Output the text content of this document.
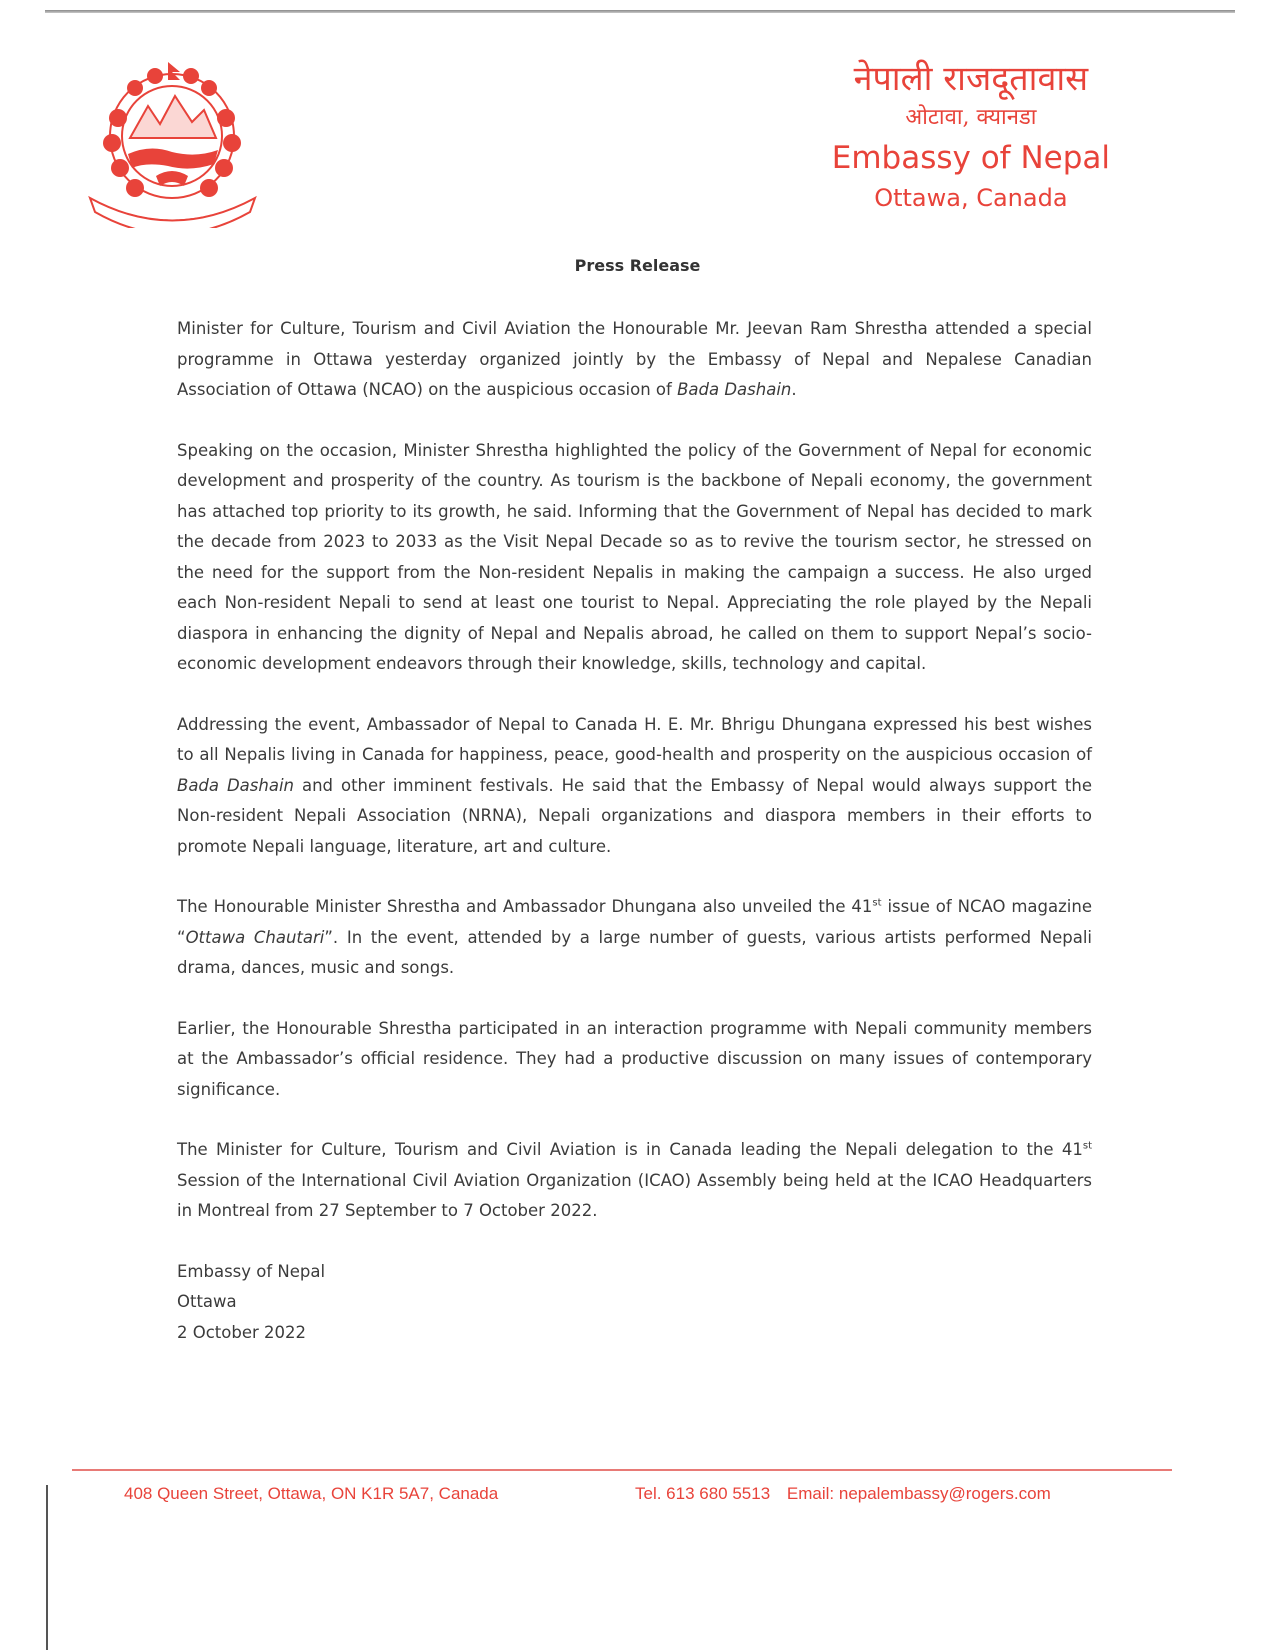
नेपाली राजदूतावास
ओटावा, क्यानडा
Embassy of Nepal
Ottawa, Canada
Press Release

Minister for Culture, Tourism and Civil Aviation the Honourable Mr. Jeevan Ram Shrestha attended a special programme in Ottawa yesterday organized jointly by the Embassy of Nepal and Nepalese Canadian Association of Ottawa (NCAO) on the auspicious occasion of Bada Dashain.

Speaking on the occasion, Minister Shrestha highlighted the policy of the Government of Nepal for economic development and prosperity of the country. As tourism is the backbone of Nepali economy, the government has attached top priority to its growth, he said. Informing that the Government of Nepal has decided to mark the decade from 2023 to 2033 as the Visit Nepal Decade so as to revive the tourism sector, he stressed on the need for the support from the Non-resident Nepalis in making the campaign a success. He also urged each Non-resident Nepali to send at least one tourist to Nepal. Appreciating the role played by the Nepali diaspora in enhancing the dignity of Nepal and Nepalis abroad, he called on them to support Nepal’s socio-economic development endeavors through their knowledge, skills, technology and capital.

Addressing the event, Ambassador of Nepal to Canada H. E. Mr. Bhrigu Dhungana expressed his best wishes to all Nepalis living in Canada for happiness, peace, good-health and prosperity on the auspicious occasion of Bada Dashain and other imminent festivals. He said that the Embassy of Nepal would always support the Non-resident Nepali Association (NRNA), Nepali organizations and diaspora members in their efforts to promote Nepali language, literature, art and culture.

The Honourable Minister Shrestha and Ambassador Dhungana also unveiled the 41st issue of NCAO magazine “Ottawa Chautari”. In the event, attended by a large number of guests, various artists performed Nepali drama, dances, music and songs.

Earlier, the Honourable Shrestha participated in an interaction programme with Nepali community members at the Ambassador’s official residence. They had a productive discussion on many issues of contemporary significance.

The Minister for Culture, Tourism and Civil Aviation is in Canada leading the Nepali delegation to the 41st Session of the International Civil Aviation Organization (ICAO) Assembly being held at the ICAO Headquarters in Montreal from 27 September to 7 October 2022.

Embassy of Nepal
Ottawa
2 October 2022
408 Queen Street, Ottawa, ON K1R 5A7, Canada	Tel. 613 680 5513 Email: nepalembassy@rogers.com
